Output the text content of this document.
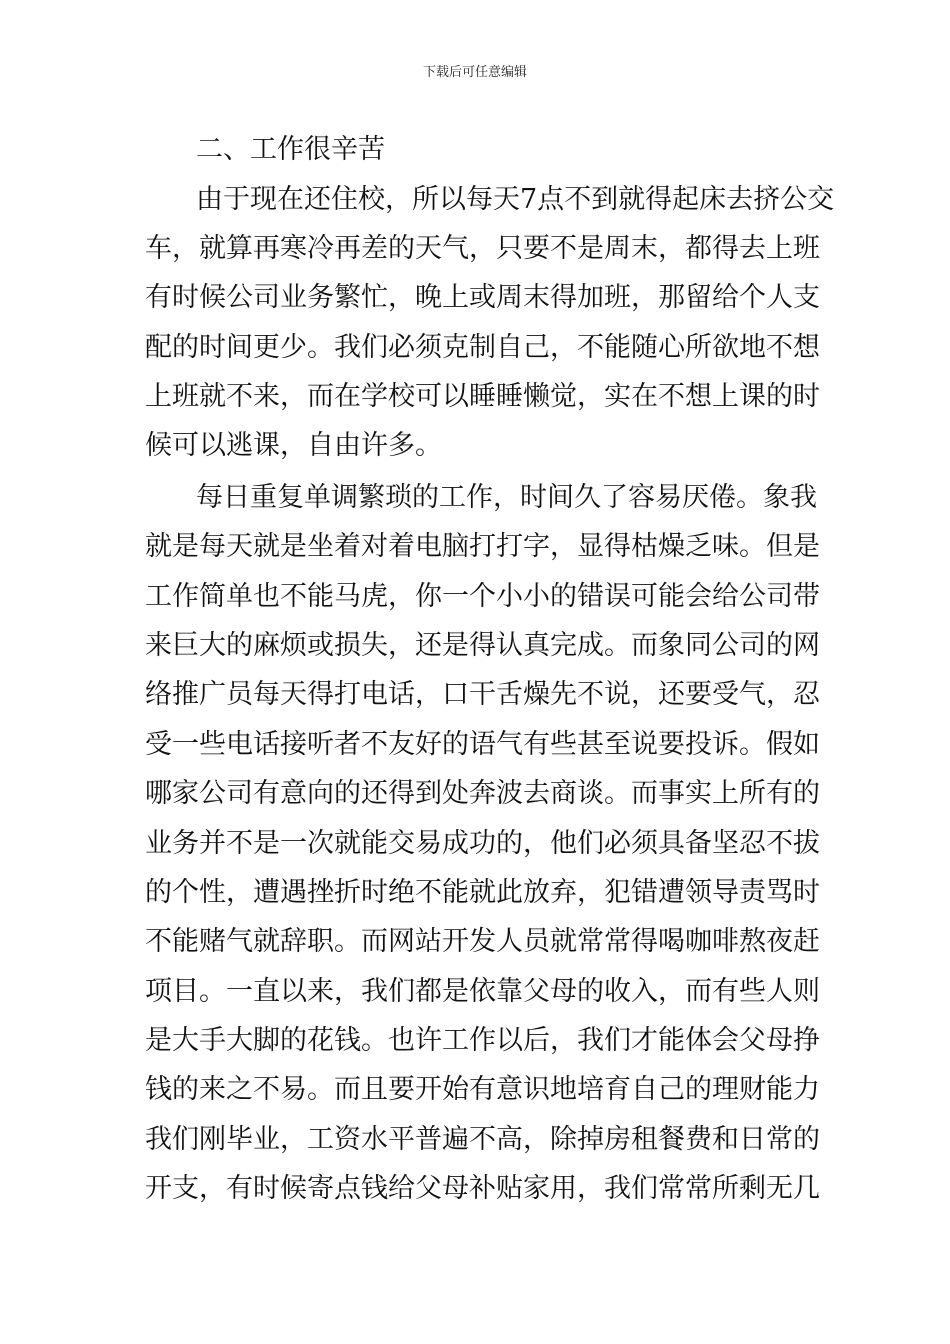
下载后可任意编辑
二、工作很辛苦
由于现在还住校，所以每天7点不到就得起床去挤公交
车，就算再寒冷再差的天气，只要不是周末，都得去上班
有时候公司业务繁忙，晚上或周末得加班，那留给个人支
配的时间更少。我们必须克制自己，不能随心所欲地不想
上班就不来，而在学校可以睡睡懒觉，实在不想上课的时
候可以逃课，自由许多。
每日重复单调繁琐的工作，时间久了容易厌倦。象我
就是每天就是坐着对着电脑打打字，显得枯燥乏味。但是
工作简单也不能马虎，你一个小小的错误可能会给公司带
来巨大的麻烦或损失，还是得认真完成。而象同公司的网
络推广员每天得打电话，口干舌燥先不说，还要受气，忍
受一些电话接听者不友好的语气有些甚至说要投诉。假如
哪家公司有意向的还得到处奔波去商谈。而事实上所有的
业务并不是一次就能交易成功的，他们必须具备坚忍不拔
的个性，遭遇挫折时绝不能就此放弃，犯错遭领导责骂时
不能赌气就辞职。而网站开发人员就常常得喝咖啡熬夜赶
项目。一直以来，我们都是依靠父母的收入，而有些人则
是大手大脚的花钱。也许工作以后，我们才能体会父母挣
钱的来之不易。而且要开始有意识地培育自己的理财能力
我们刚毕业，工资水平普遍不高，除掉房租餐费和日常的
开支，有时候寄点钱给父母补贴家用，我们常常所剩无几
